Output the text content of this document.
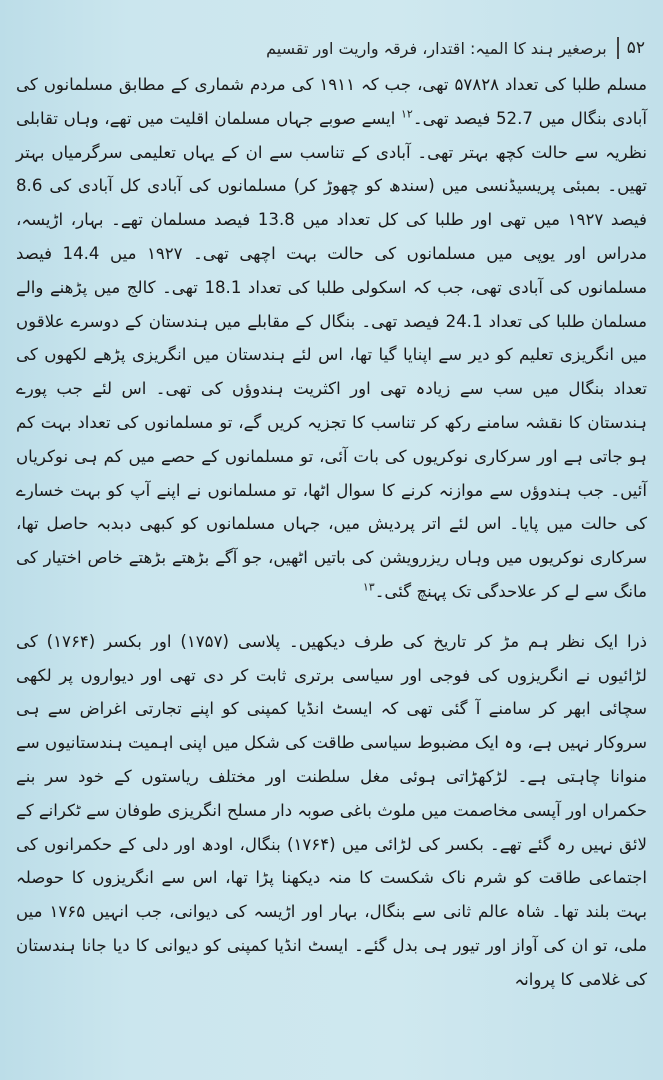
۵۲
برصغیر ہند کا المیہ: اقتدار، فرقہ واریت اور تقسیم

مسلم طلبا کی تعداد ۵۷۸۲۸ تھی، جب کہ ۱۹۱۱ کی مردم شماری کے مطابق مسلمانوں کی آبادی بنگال میں 52.7 فیصد تھی۔$^{۱۲}$ ایسے صوبے جہاں مسلمان اقلیت میں تھے، وہاں تقابلی نظریہ سے حالت کچھ بہتر تھی۔ آبادی کے تناسب سے ان کے یہاں تعلیمی سرگرمیاں بہتر تھیں۔ بمبئی پریسیڈنسی میں (سندھ کو چھوڑ کر) مسلمانوں کی آبادی کل آبادی کی 8.6 فیصد ۱۹۲۷ میں تھی اور طلبا کی کل تعداد میں 13.8 فیصد مسلمان تھے۔ بہار، اڑیسہ، مدراس اور یوپی میں مسلمانوں کی حالت بہت اچھی تھی۔ ۱۹۲۷ میں 14.4 فیصد مسلمانوں کی آبادی تھی، جب کہ اسکولی طلبا کی تعداد 18.1 تھی۔ کالج میں پڑھنے والے مسلمان طلبا کی تعداد 24.1 فیصد تھی۔ بنگال کے مقابلے میں ہندستان کے دوسرے علاقوں میں انگریزی تعلیم کو دیر سے اپنایا گیا تھا، اس لئے ہندستان میں انگریزی پڑھے لکھوں کی تعداد بنگال میں سب سے زیادہ تھی اور اکثریت ہندوؤں کی تھی۔ اس لئے جب پورے ہندستان کا نقشہ سامنے رکھ کر تناسب کا تجزیہ کریں گے، تو مسلمانوں کی تعداد بہت کم ہو جاتی ہے اور سرکاری نوکریوں کی بات آئی، تو مسلمانوں کے حصے میں کم ہی نوکریاں آئیں۔ جب ہندوؤں سے موازنہ کرنے کا سوال اٹھا، تو مسلمانوں نے اپنے آپ کو بہت خسارے کی حالت میں پایا۔ اس لئے اتر پردیش میں، جہاں مسلمانوں کو کبھی دبدبہ حاصل تھا، سرکاری نوکریوں میں وہاں ریزرویشن کی باتیں اٹھیں، جو آگے بڑھتے بڑھتے خاص اختیار کی مانگ سے لے کر علاحدگی تک پہنچ گئی۔$^{۱۳}$

ذرا ایک نظر ہم مڑ کر تاریخ کی طرف دیکھیں۔ پلاسی (۱۷۵۷) اور بکسر (۱۷۶۴) کی لڑائیوں نے انگریزوں کی فوجی اور سیاسی برتری ثابت کر دی تھی اور دیواروں پر لکھی سچائی ابھر کر سامنے آ گئی تھی کہ ایسٹ انڈیا کمپنی کو اپنے تجارتی اغراض سے ہی سروکار نہیں ہے، وہ ایک مضبوط سیاسی طاقت کی شکل میں اپنی اہمیت ہندستانیوں سے منوانا چاہتی ہے۔ لڑکھڑاتی ہوئی مغل سلطنت اور مختلف ریاستوں کے خود سر بنے حکمراں اور آپسی مخاصمت میں ملوث باغی صوبہ دار مسلح انگریزی طوفان سے ٹکرانے کے لائق نہیں رہ گئے تھے۔ بکسر کی لڑائی میں (۱۷۶۴) بنگال، اودھ اور دلی کے حکمرانوں کی اجتماعی طاقت کو شرم ناک شکست کا منہ دیکھنا پڑا تھا، اس سے انگریزوں کا حوصلہ بہت بلند تھا۔ شاہ عالم ثانی سے بنگال، بہار اور اڑیسہ کی دیوانی، جب انہیں ۱۷۶۵ میں ملی، تو ان کی آواز اور تیور ہی بدل گئے۔ ایسٹ انڈیا کمپنی کو دیوانی کا دیا جانا ہندستان کی غلامی کا پروانہ
